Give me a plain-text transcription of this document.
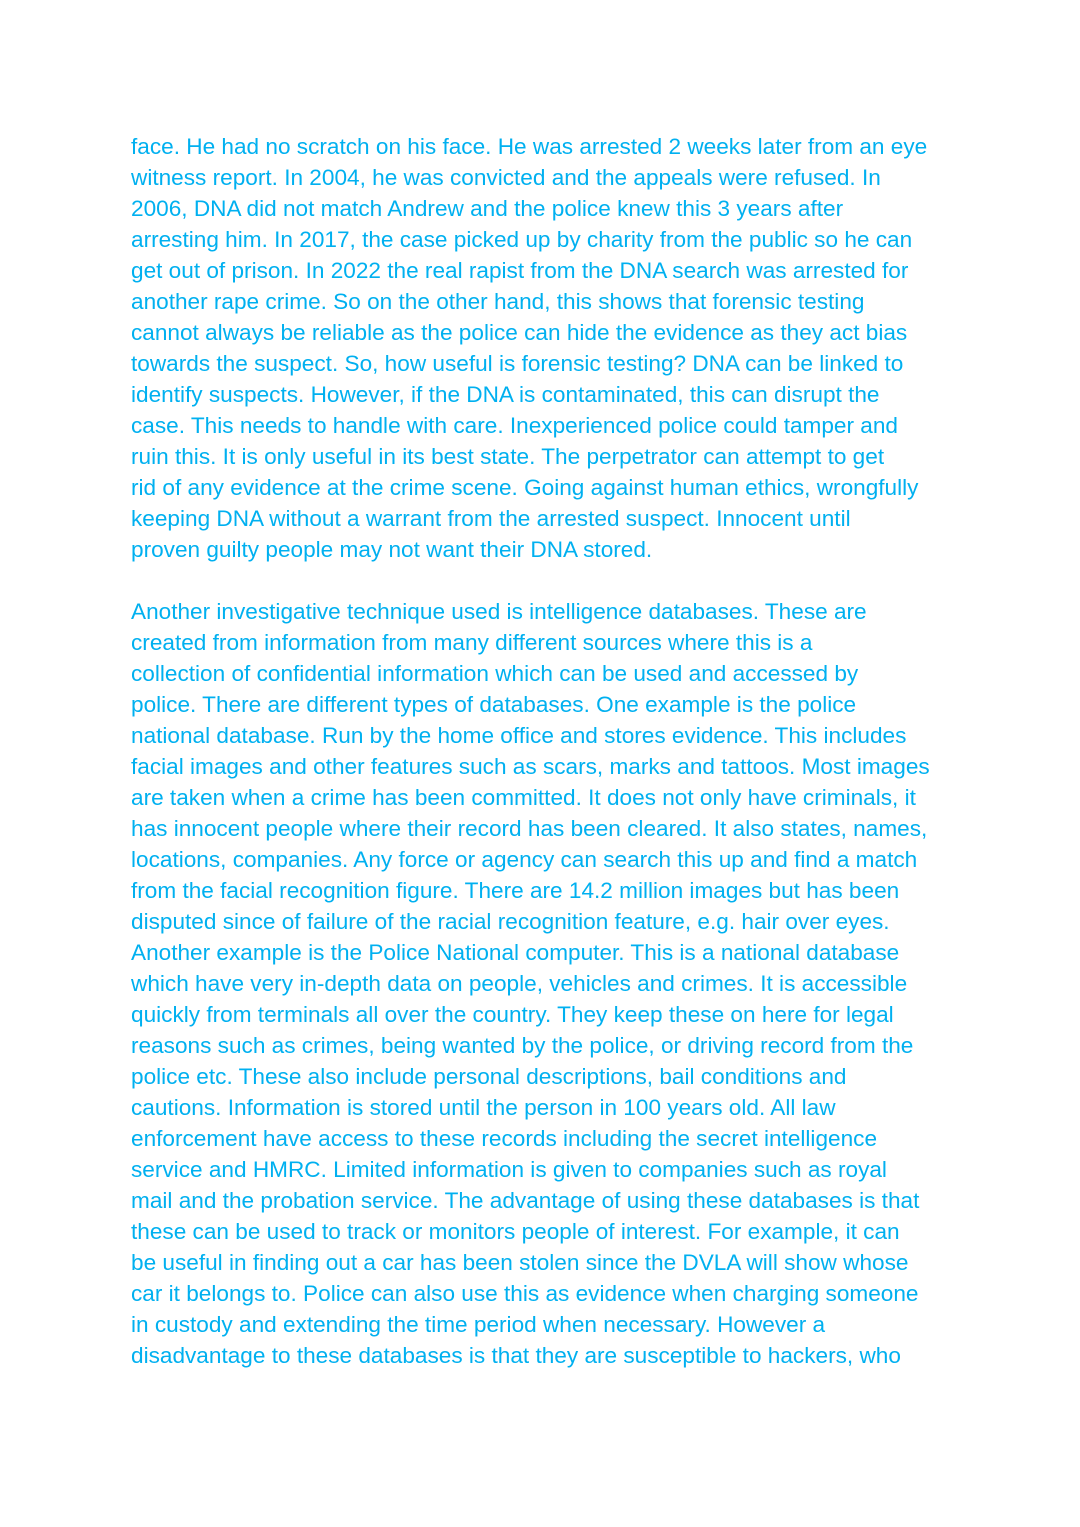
face. He had no scratch on his face. He was arrested 2 weeks later from an eye
witness report. In 2004, he was convicted and the appeals were refused. In
2006, DNA did not match Andrew and the police knew this 3 years after
arresting him. In 2017, the case picked up by charity from the public so he can
get out of prison. In 2022 the real rapist from the DNA search was arrested for
another rape crime. So on the other hand, this shows that forensic testing
cannot always be reliable as the police can hide the evidence as they act bias
towards the suspect. So, how useful is forensic testing? DNA can be linked to
identify suspects. However, if the DNA is contaminated, this can disrupt the
case. This needs to handle with care. Inexperienced police could tamper and
ruin this. It is only useful in its best state. The perpetrator can attempt to get
rid of any evidence at the crime scene. Going against human ethics, wrongfully
keeping DNA without a warrant from the arrested suspect. Innocent until
proven guilty people may not want their DNA stored.
Another investigative technique used is intelligence databases. These are
created from information from many different sources where this is a
collection of confidential information which can be used and accessed by
police. There are different types of databases. One example is the police
national database. Run by the home office and stores evidence. This includes
facial images and other features such as scars, marks and tattoos. Most images
are taken when a crime has been committed. It does not only have criminals, it
has innocent people where their record has been cleared. It also states, names,
locations, companies. Any force or agency can search this up and find a match
from the facial recognition figure. There are 14.2 million images but has been
disputed since of failure of the racial recognition feature, e.g. hair over eyes.
Another example is the Police National computer. This is a national database
which have very in-depth data on people, vehicles and crimes. It is accessible
quickly from terminals all over the country. They keep these on here for legal
reasons such as crimes, being wanted by the police, or driving record from the
police etc. These also include personal descriptions, bail conditions and
cautions. Information is stored until the person in 100 years old. All law
enforcement have access to these records including the secret intelligence
service and HMRC. Limited information is given to companies such as royal
mail and the probation service. The advantage of using these databases is that
these can be used to track or monitors people of interest. For example, it can
be useful in finding out a car has been stolen since the DVLA will show whose
car it belongs to. Police can also use this as evidence when charging someone
in custody and extending the time period when necessary. However a
disadvantage to these databases is that they are susceptible to hackers, who
